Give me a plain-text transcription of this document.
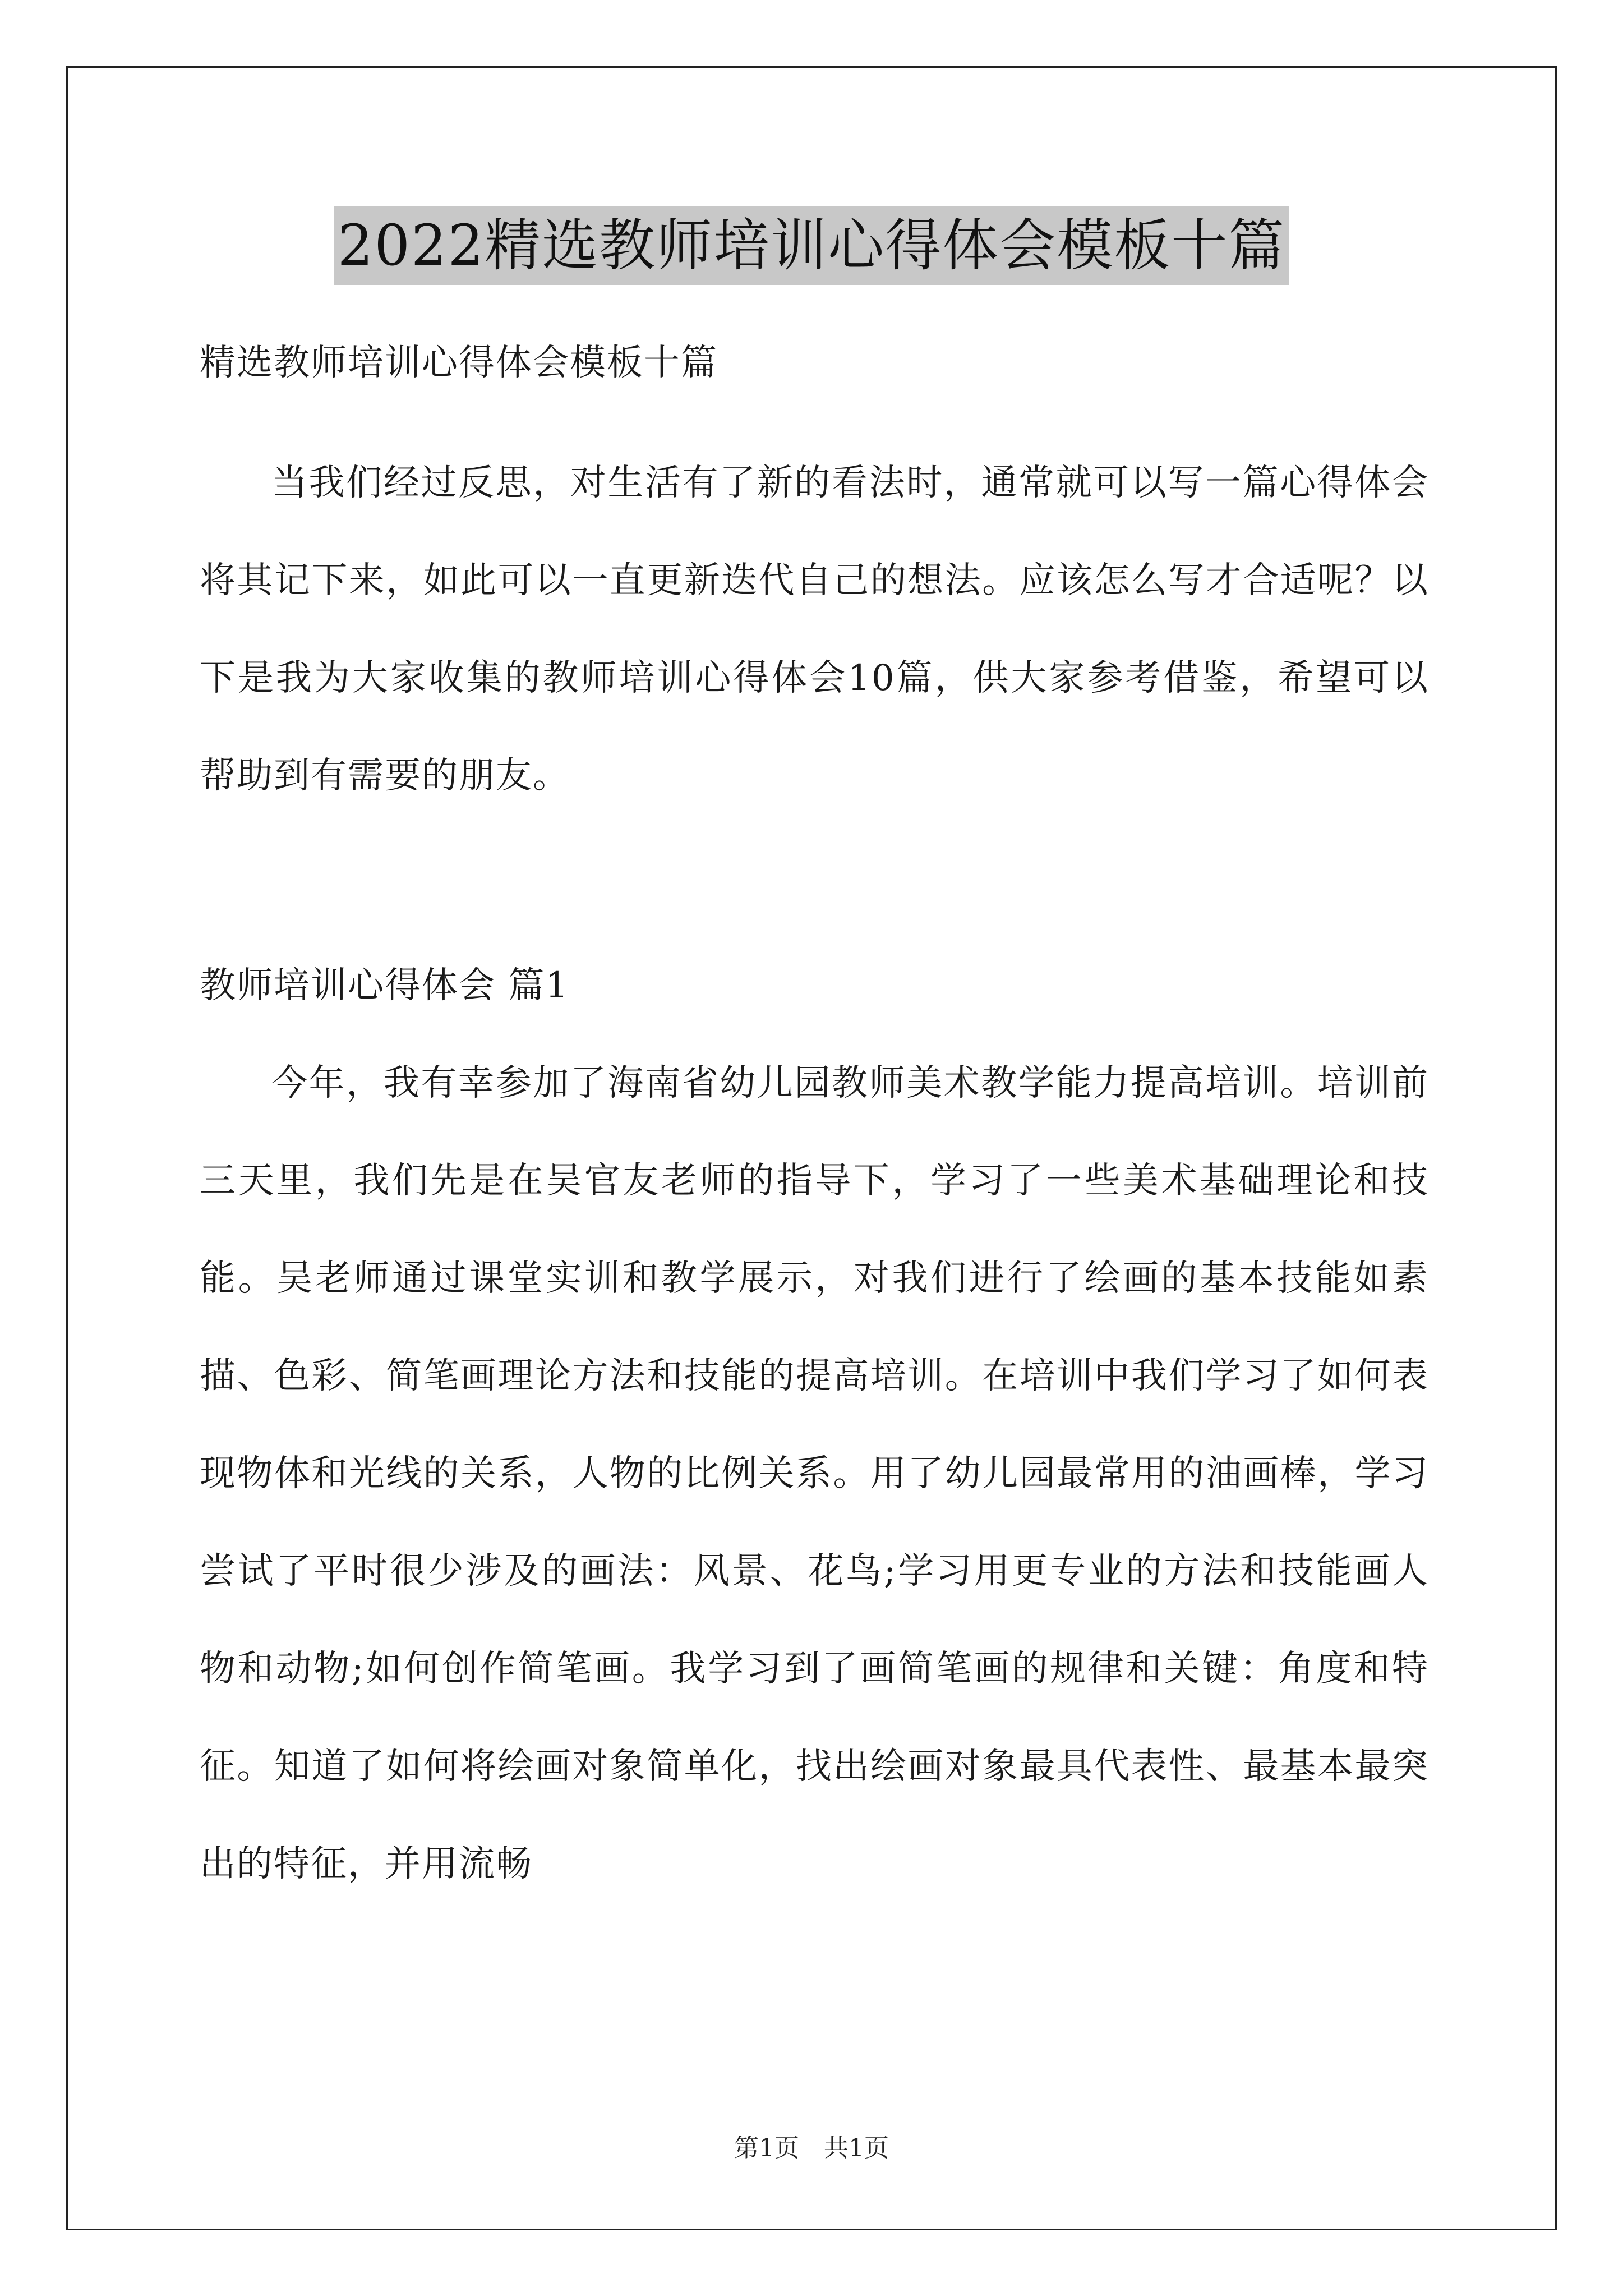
2022精选教师培训心得体会模板十篇

精选教师培训心得体会模板十篇

当我们经过反思，对生活有了新的看法时，通常就可以写一篇心得体会将其记下来，如此可以一直更新迭代自己的想法。应该怎么写才合适呢？以下是我为大家收集的教师培训心得体会10篇，供大家参考借鉴，希望可以帮助到有需要的朋友。

教师培训心得体会 篇1

今年，我有幸参加了海南省幼儿园教师美术教学能力提高培训。培训前三天里，我们先是在吴官友老师的指导下，学习了一些美术基础理论和技能。吴老师通过课堂实训和教学展示，对我们进行了绘画的基本技能如素描、色彩、简笔画理论方法和技能的提高培训。在培训中我们学习了如何表现物体和光线的关系，人物的比例关系。用了幼儿园最常用的油画棒，学习尝试了平时很少涉及的画法：风景、花鸟;学习用更专业的方法和技能画人物和动物;如何创作简笔画。我学习到了画简笔画的规律和关键：角度和特征。知道了如何将绘画对象简单化，找出绘画对象最具代表性、最基本最突出的特征，并用流畅

第1页　共1页
